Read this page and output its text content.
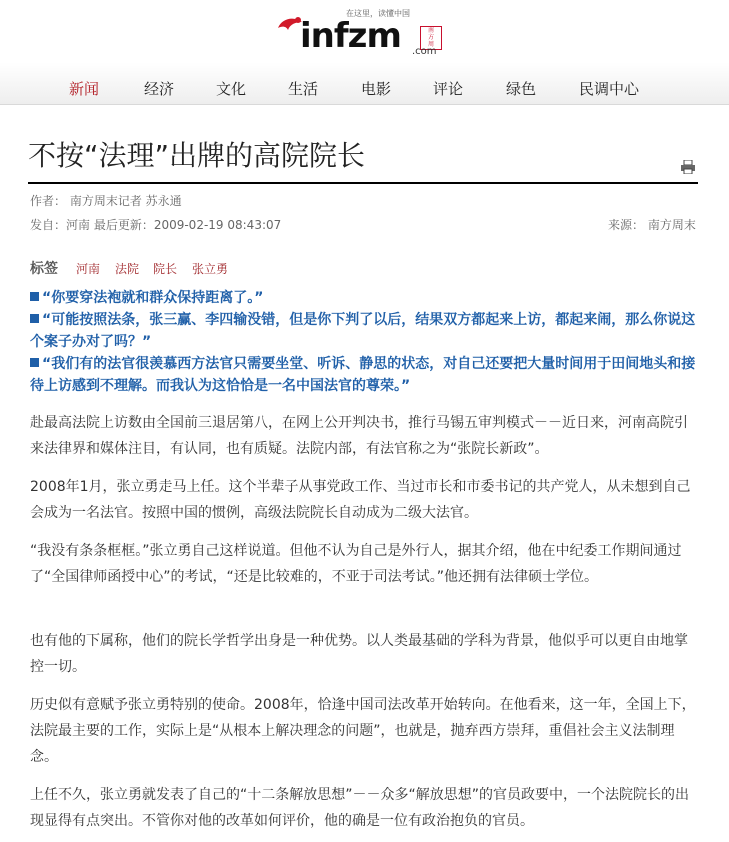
在这里，读懂中国
infzm	南
方
周
.com
新闻	经济	文化	生活	电影	评论	绿色	民调中心
不按“法理”出牌的高院院长
作者： 南方周末记者 苏永通
发自：河南 最后更新：2009-02-19 08:43:07	来源： 南方周末
标签 河南 法院 院长 张立勇
“你要穿法袍就和群众保持距离了。”
“可能按照法条，张三赢、李四输没错，但是你下判了以后，结果双方都起来上访，都起来闹，那么你说这个案子办对了吗？”
“我们有的法官很羡慕西方法官只需要坐堂、听诉、静思的状态，对自己还要把大量时间用于田间地头和接待上访感到不理解。而我认为这恰恰是一名中国法官的尊荣。”
赴最高法院上访数由全国前三退居第八，在网上公开判决书，推行马锡五审判模式－－近日来，河南高院引来法律界和媒体注目，有认同，也有质疑。法院内部，有法官称之为“张院长新政”。
2008年1月，张立勇走马上任。这个半辈子从事党政工作、当过市长和市委书记的共产党人，从未想到自己会成为一名法官。按照中国的惯例，高级法院院长自动成为二级大法官。
“我没有条条框框。”张立勇自己这样说道。但他不认为自己是外行人，据其介绍，他在中纪委工作期间通过了“全国律师函授中心”的考试，“还是比较难的，不亚于司法考试。”他还拥有法律硕士学位。
也有他的下属称，他们的院长学哲学出身是一种优势。以人类最基础的学科为背景，他似乎可以更自由地掌控一切。
历史似有意赋予张立勇特别的使命。2008年，恰逢中国司法改革开始转向。在他看来，这一年，全国上下，法院最主要的工作，实际上是“从根本上解决理念的问题”，也就是，抛弃西方崇拜，重倡社会主义法制理念。
上任不久，张立勇就发表了自己的“十二条解放思想”－－众多“解放思想”的官员政要中，一个法院院长的出现显得有点突出。不管你对他的改革如何评价，他的确是一位有政治抱负的官员。
